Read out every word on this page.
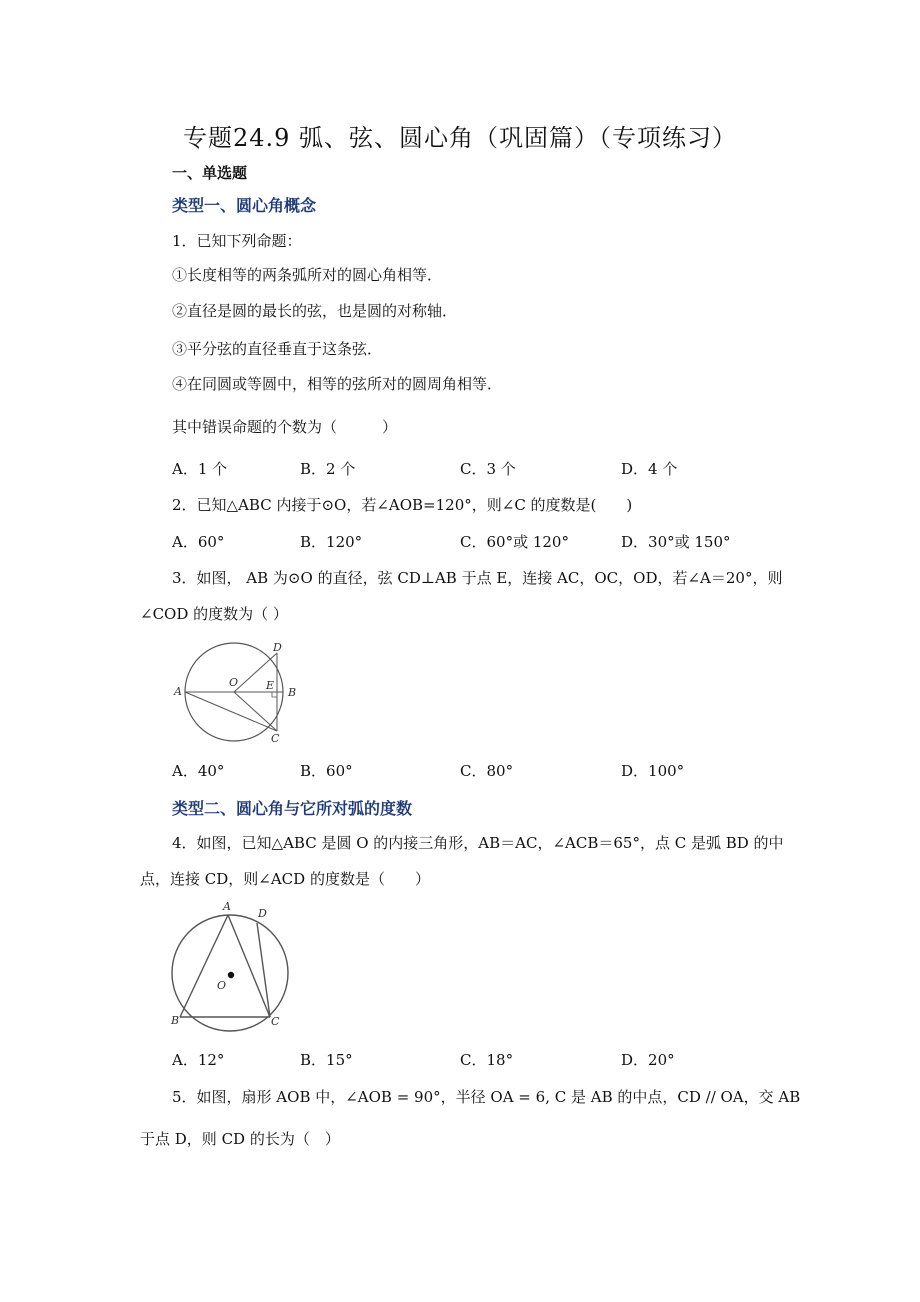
专题24.9 弧、弦、圆心角（巩固篇）（专项练习）
一、单选题
类型一、圆心角概念
1．已知下列命题：
①长度相等的两条弧所对的圆心角相等．
②直径是圆的最长的弦，也是圆的对称轴．
③平分弦的直径垂直于这条弦．
④在同圆或等圆中，相等的弦所对的圆周角相等．
其中错误命题的个数为（　　　）
A．1 个	B．2 个	C．3 个	D．4 个
2．已知△ABC 内接于⊙O，若∠AOB=120°，则∠C 的度数是(　　)
A．60°	B．120°	C．60°或 120°	D．30°或 150°
3．如图， AB 为⊙O 的直径，弦 CD⊥AB 于点 E，连接 AC，OC，OD，若∠A＝20°，则
∠COD 的度数为（ ）
A
O	E
B
D
C
A．40°	B．60°	C．80°	D．100°
类型二、圆心角与它所对弧的度数
4．如图，已知△ABC 是圆 O 的内接三角形，AB＝AC，∠ACB＝65°，点 C 是弧 BD 的中
点，连接 CD，则∠ACD 的度数是（　　）
A
D
O
B	C
A．12°	B．15°	C．18°	D．20°
5．如图，扇形 AOB 中，∠AOB = 90°，半径 OA = 6, C 是 AB 的中点，CD // OA，交 AB
于点 D，则 CD 的长为（　）
